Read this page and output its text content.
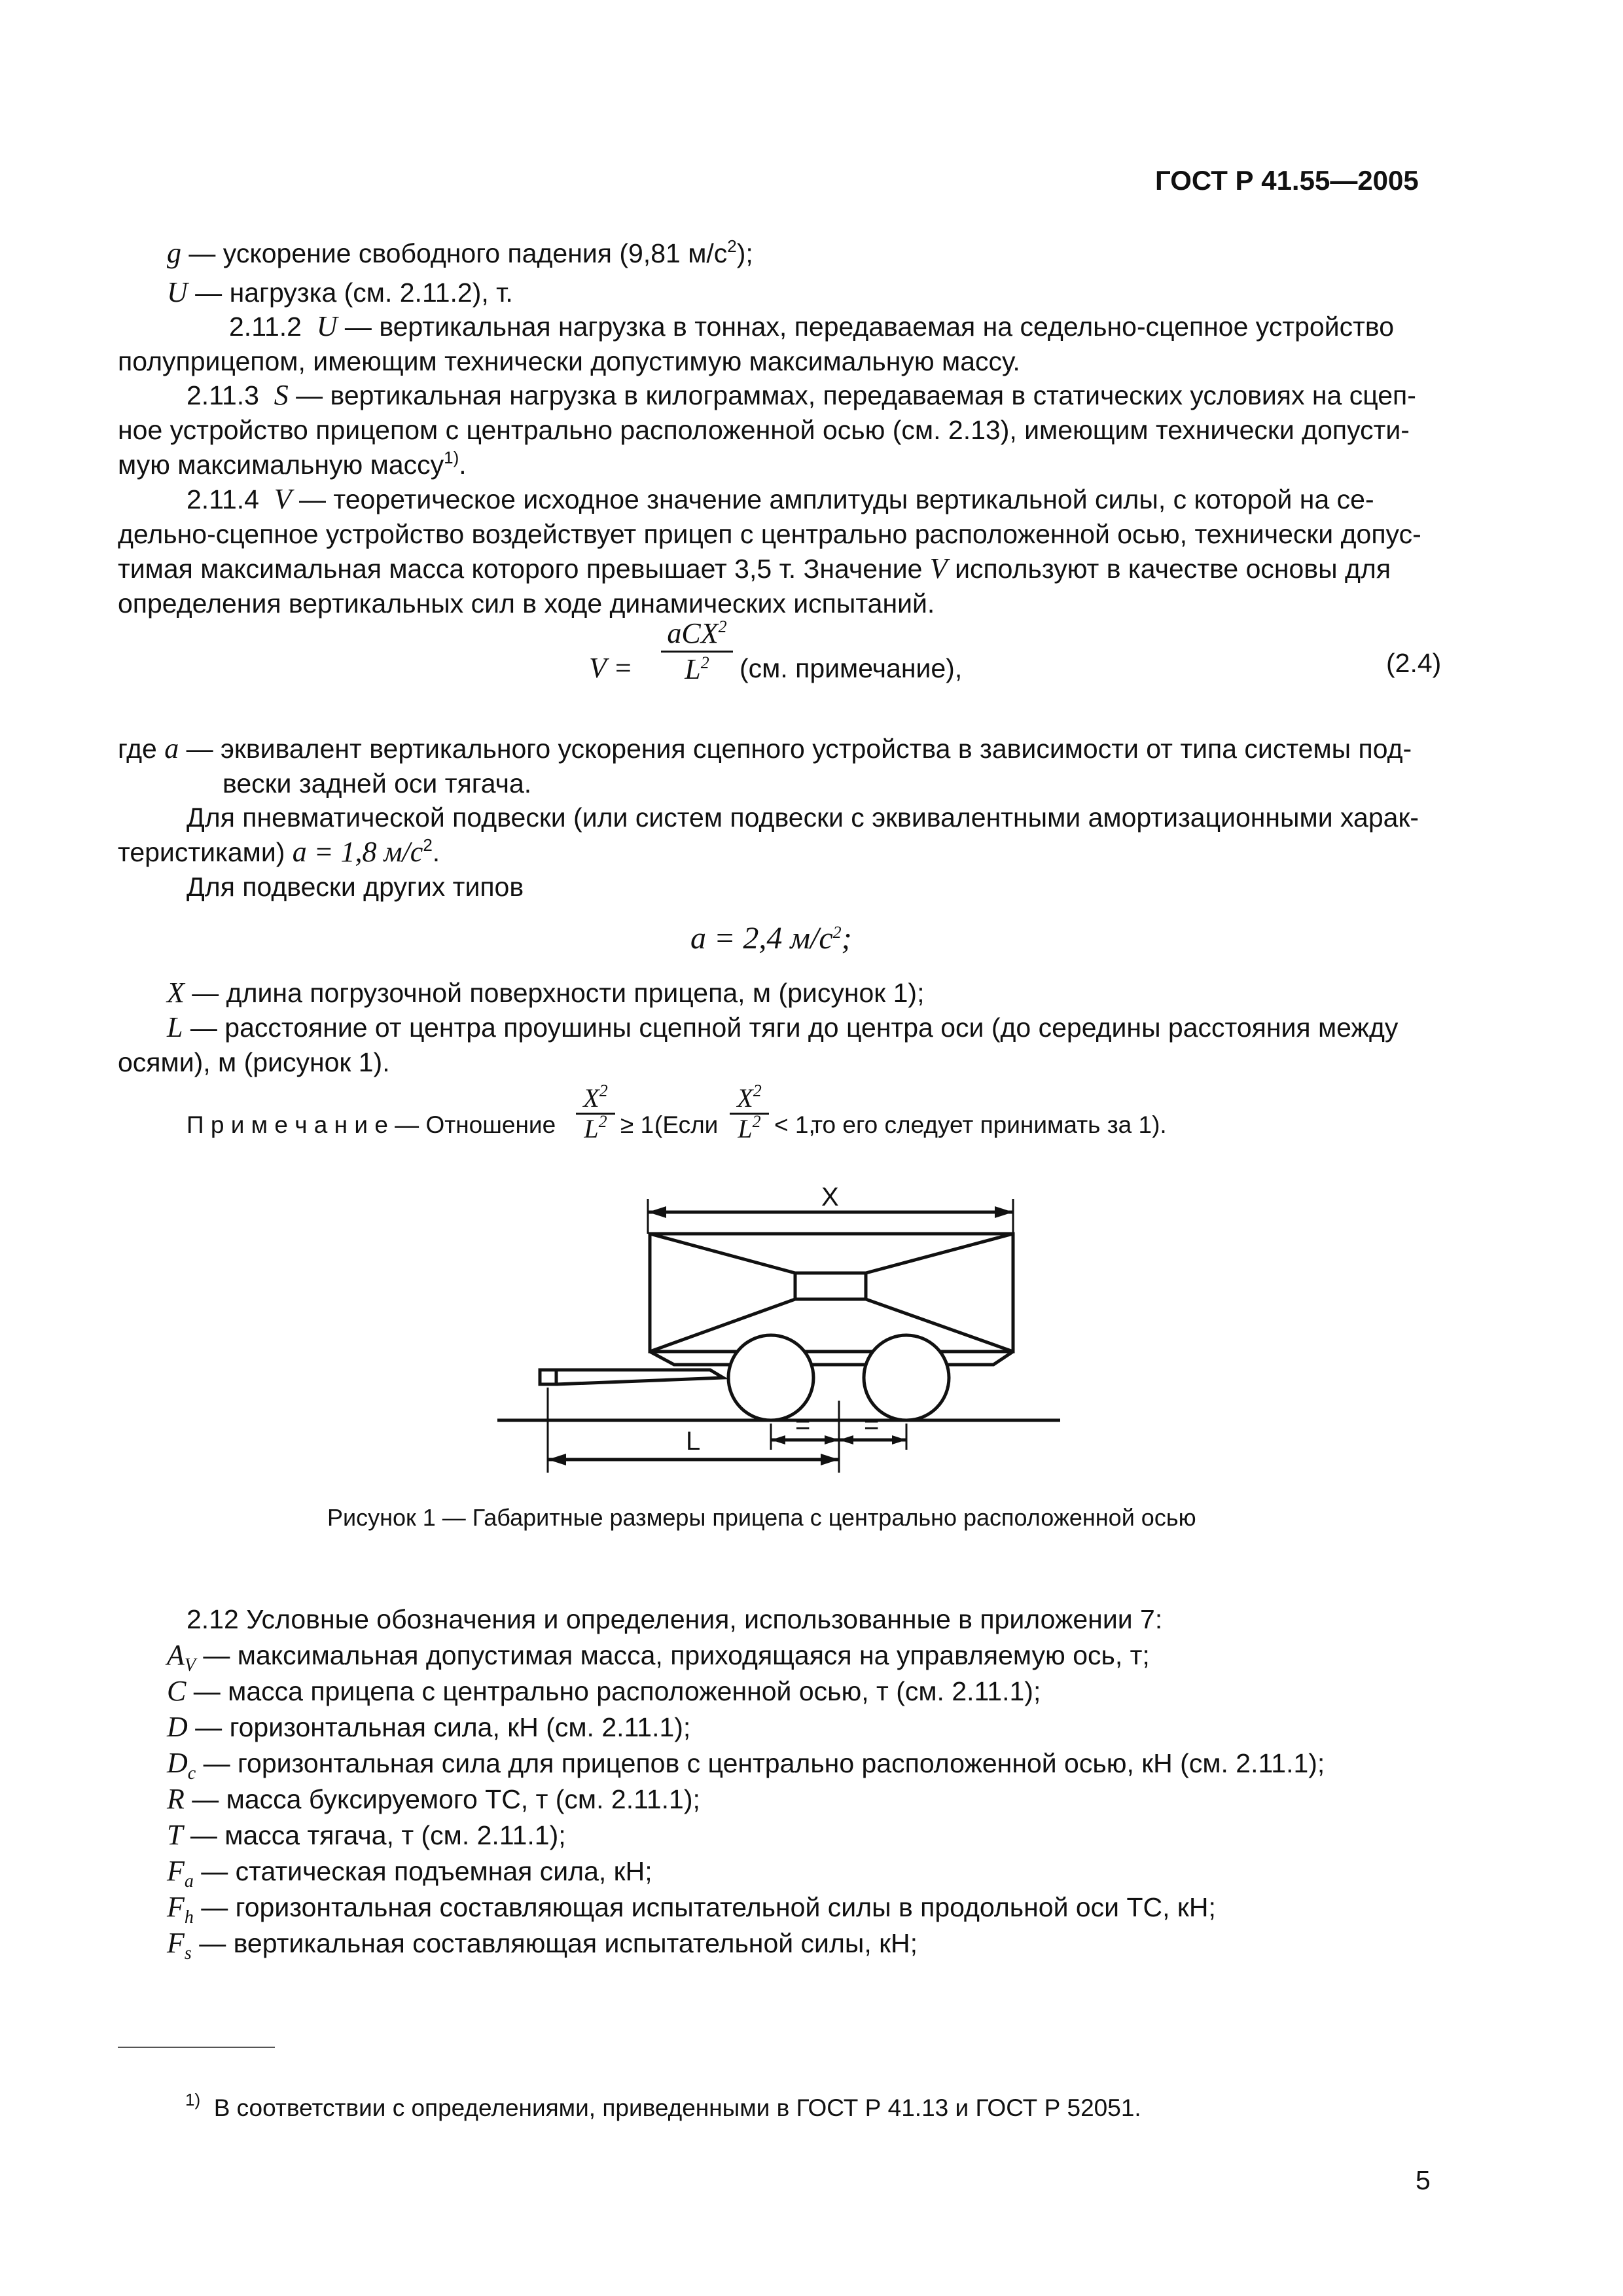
ГОСТ Р 41.55—2005
g — ускорение свободного падения (9,81 $м/с^2$);
U — нагрузка (см. 2.11.2), т.
2.11.2 U — вертикальная нагрузка в тоннах, передаваемая на седельно-сцепное устройство
полуприцепом, имеющим технически допустимую максимальную массу.
2.11.3 S — вертикальная нагрузка в килограммах, передаваемая в статических условиях на сцеп-
ное устройство прицепом с центрально расположенной осью (см. 2.13), имеющим технически допусти-
мую максимальную массу$^{1)}$.
2.11.4 V — теоретическое исходное значение амплитуды вертикальной силы, с которой на се-
дельно-сцепное устройство воздействует прицеп с центрально расположенной осью, технически допус-
тимая максимальная масса которого превышает 3,5 т. Значение V используют в качестве основы для
определения вертикальных сил в ходе динамических испытаний.
V =
aCX$^2$
$L^2$	(см. примечание),	(2.4)
где a — эквивалент вертикального ускорения сцепного устройства в зависимости от типа системы под-
вески задней оси тягача.
Для пневматической подвески (или систем подвески с эквивалентными амортизационными харак-
теристиками) a = 1,8 $м/с^2$.
Для подвески других типов
a = 2,4 $м/с^2$;
X — длина погрузочной поверхности прицепа, м (рисунок 1);
L — расстояние от центра проушины сцепной тяги до центра оси (до середины расстояния между
осями), м (рисунок 1).
П р и м е ч а н и е — Отношение
$X^2$
$L^2 \ge 1$.
(Если
$X^2$
$L^2 < 1$,
то его следует принимать за 1).
X
L
= =
Рисунок 1 — Габаритные размеры прицепа с центрально расположенной осью
2.12 Условные обозначения и определения, использованные в приложении 7:
$A_V$ — максимальная допустимая масса, приходящаяся на управляемую ось, т;
C — масса прицепа с центрально расположенной осью, т (см. 2.11.1);
D — горизонтальная сила, кН (см. 2.11.1);
$D_c$ — горизонтальная сила для прицепов с центрально расположенной осью, кН (см. 2.11.1);
R — масса буксируемого ТС, т (см. 2.11.1);
T — масса тягача, т (см. 2.11.1);
$F_a$ — статическая подъемная сила, кН;
$F_h$ — горизонтальная составляющая испытательной силы в продольной оси ТС, кН;
$F_s$ — вертикальная составляющая испытательной силы, кН;
$^{1)}$ В соответствии с определениями, приведенными в ГОСТ Р 41.13 и ГОСТ Р 52051.
5
